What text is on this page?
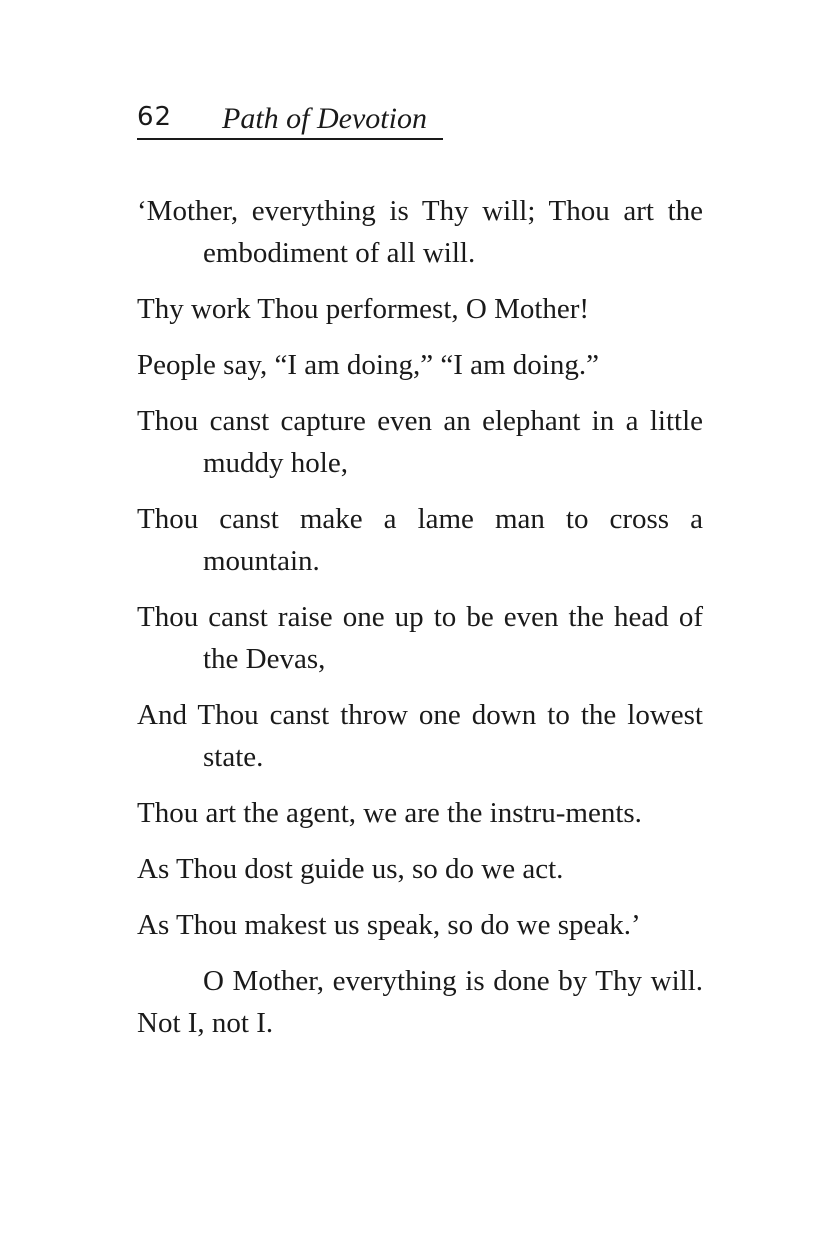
62 Path of Devotion

‘Mother, everything is Thy will; Thou art the embodiment of all will.

Thy work Thou performest, O Mother!

People say, “I am doing,” “I am doing.”

Thou canst capture even an elephant in a little muddy hole,

Thou canst make a lame man to cross a mountain.

Thou canst raise one up to be even the head of the Devas,

And Thou canst throw one down to the lowest state.

Thou art the agent, we are the instru-ments.

As Thou dost guide us, so do we act.

As Thou makest us speak, so do we speak.’

O Mother, everything is done by Thy will. Not I, not I.
